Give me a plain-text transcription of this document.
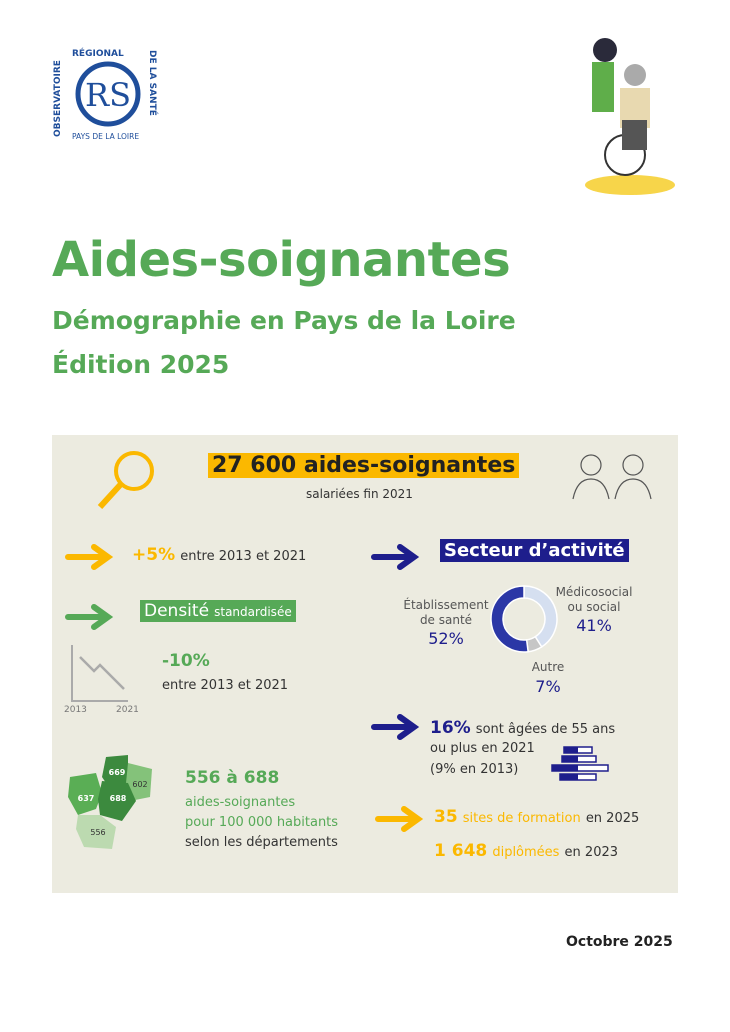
OBSERVATOIRE
RÉGIONAL	DE LA SANTÉ
PAYS DE LA LOIRE
RS
Aides-soignantes
Démographie en Pays de la Loire
Édition 2025
27 600 aides-soignantes
salariées fin 2021
+5% entre 2013 et 2021
Densité standardisée
2013	2021
-10%
entre 2013 et 2021
669
602
637 688
556
556 à 688
aides-soignantes
pour 100 000 habitants
selon les départements
Secteur d’activité
Établissement
de santé
52%
Médicosocial
ou social
41%
Autre
7%
16% sont âgées de 55 ans
ou plus en 2021
(9% en 2013)
35 sites de formation en 2025
1 648 diplômées en 2023
Octobre 2025
